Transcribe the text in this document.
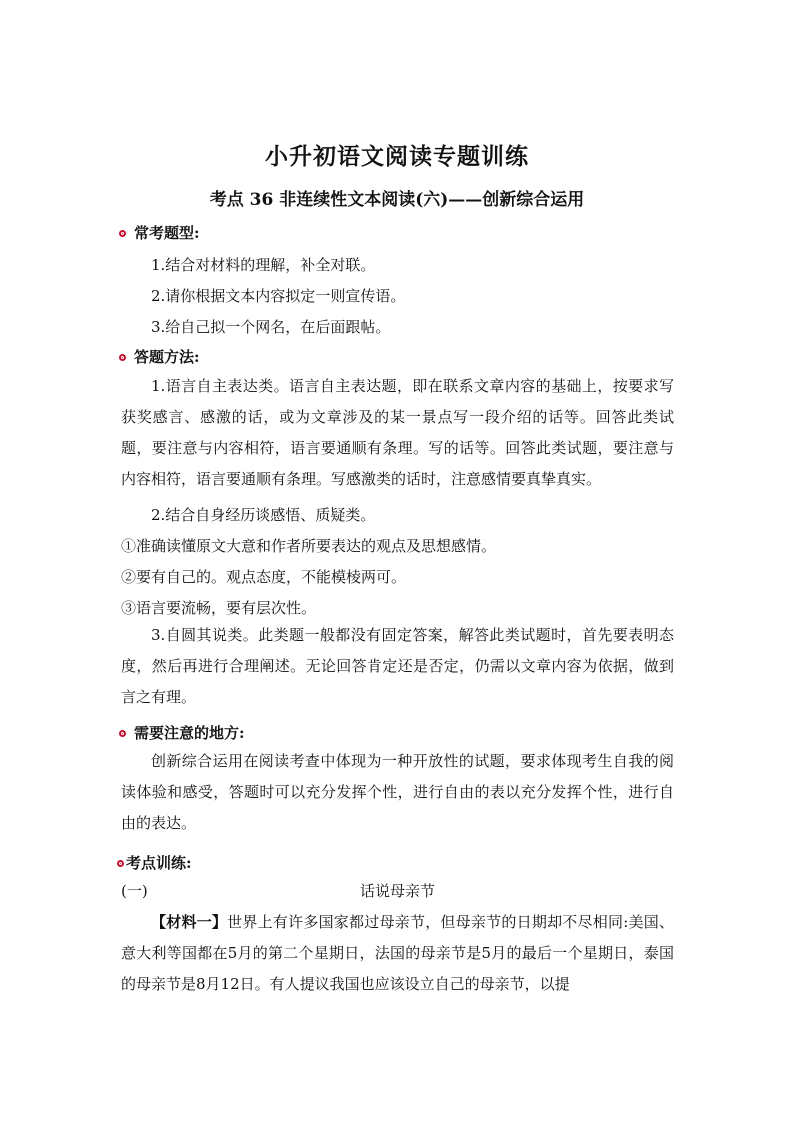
小升初语文阅读专题训练
考点 36 非连续性文本阅读(六)——创新综合运用
常考题型:
1.结合对材料的理解，补全对联。
2.请你根据文本内容拟定一则宣传语。
3.给自己拟一个网名，在后面跟帖。
答题方法:
1.语言自主表达类。语言自主表达题，即在联系文章内容的基础上，按要求写获奖感言、感激的话，或为文章涉及的某一景点写一段介绍的话等。回答此类试题，要注意与内容相符，语言要通顺有条理。写的话等。回答此类试题，要注意与内容相符，语言要通顺有条理。写感激类的话时，注意感情要真挚真实。
2.结合自身经历谈感悟、质疑类。
①准确读懂原文大意和作者所要表达的观点及思想感情。
②要有自己的。观点态度，不能模棱两可。
③语言要流畅，要有层次性。
3.自圆其说类。此类题一般都没有固定答案，解答此类试题时，首先要表明态度，然后再进行合理阐述。无论回答肯定还是否定，仍需以文章内容为依据，做到言之有理。
需要注意的地方:
创新综合运用在阅读考查中体现为一种开放性的试题，要求体现考生自我的阅读体验和感受，答题时可以充分发挥个性，进行自由的表以充分发挥个性，进行自由的表达。
考点训练:
(一)	话说母亲节
【材料一】世界上有许多国家都过母亲节，但母亲节的日期却不尽相同:美国、意大利等国都在5月的第二个星期日，法国的母亲节是5月的最后一个星期日，泰国的母亲节是8月12日。有人提议我国也应该设立自己的母亲节，以提
